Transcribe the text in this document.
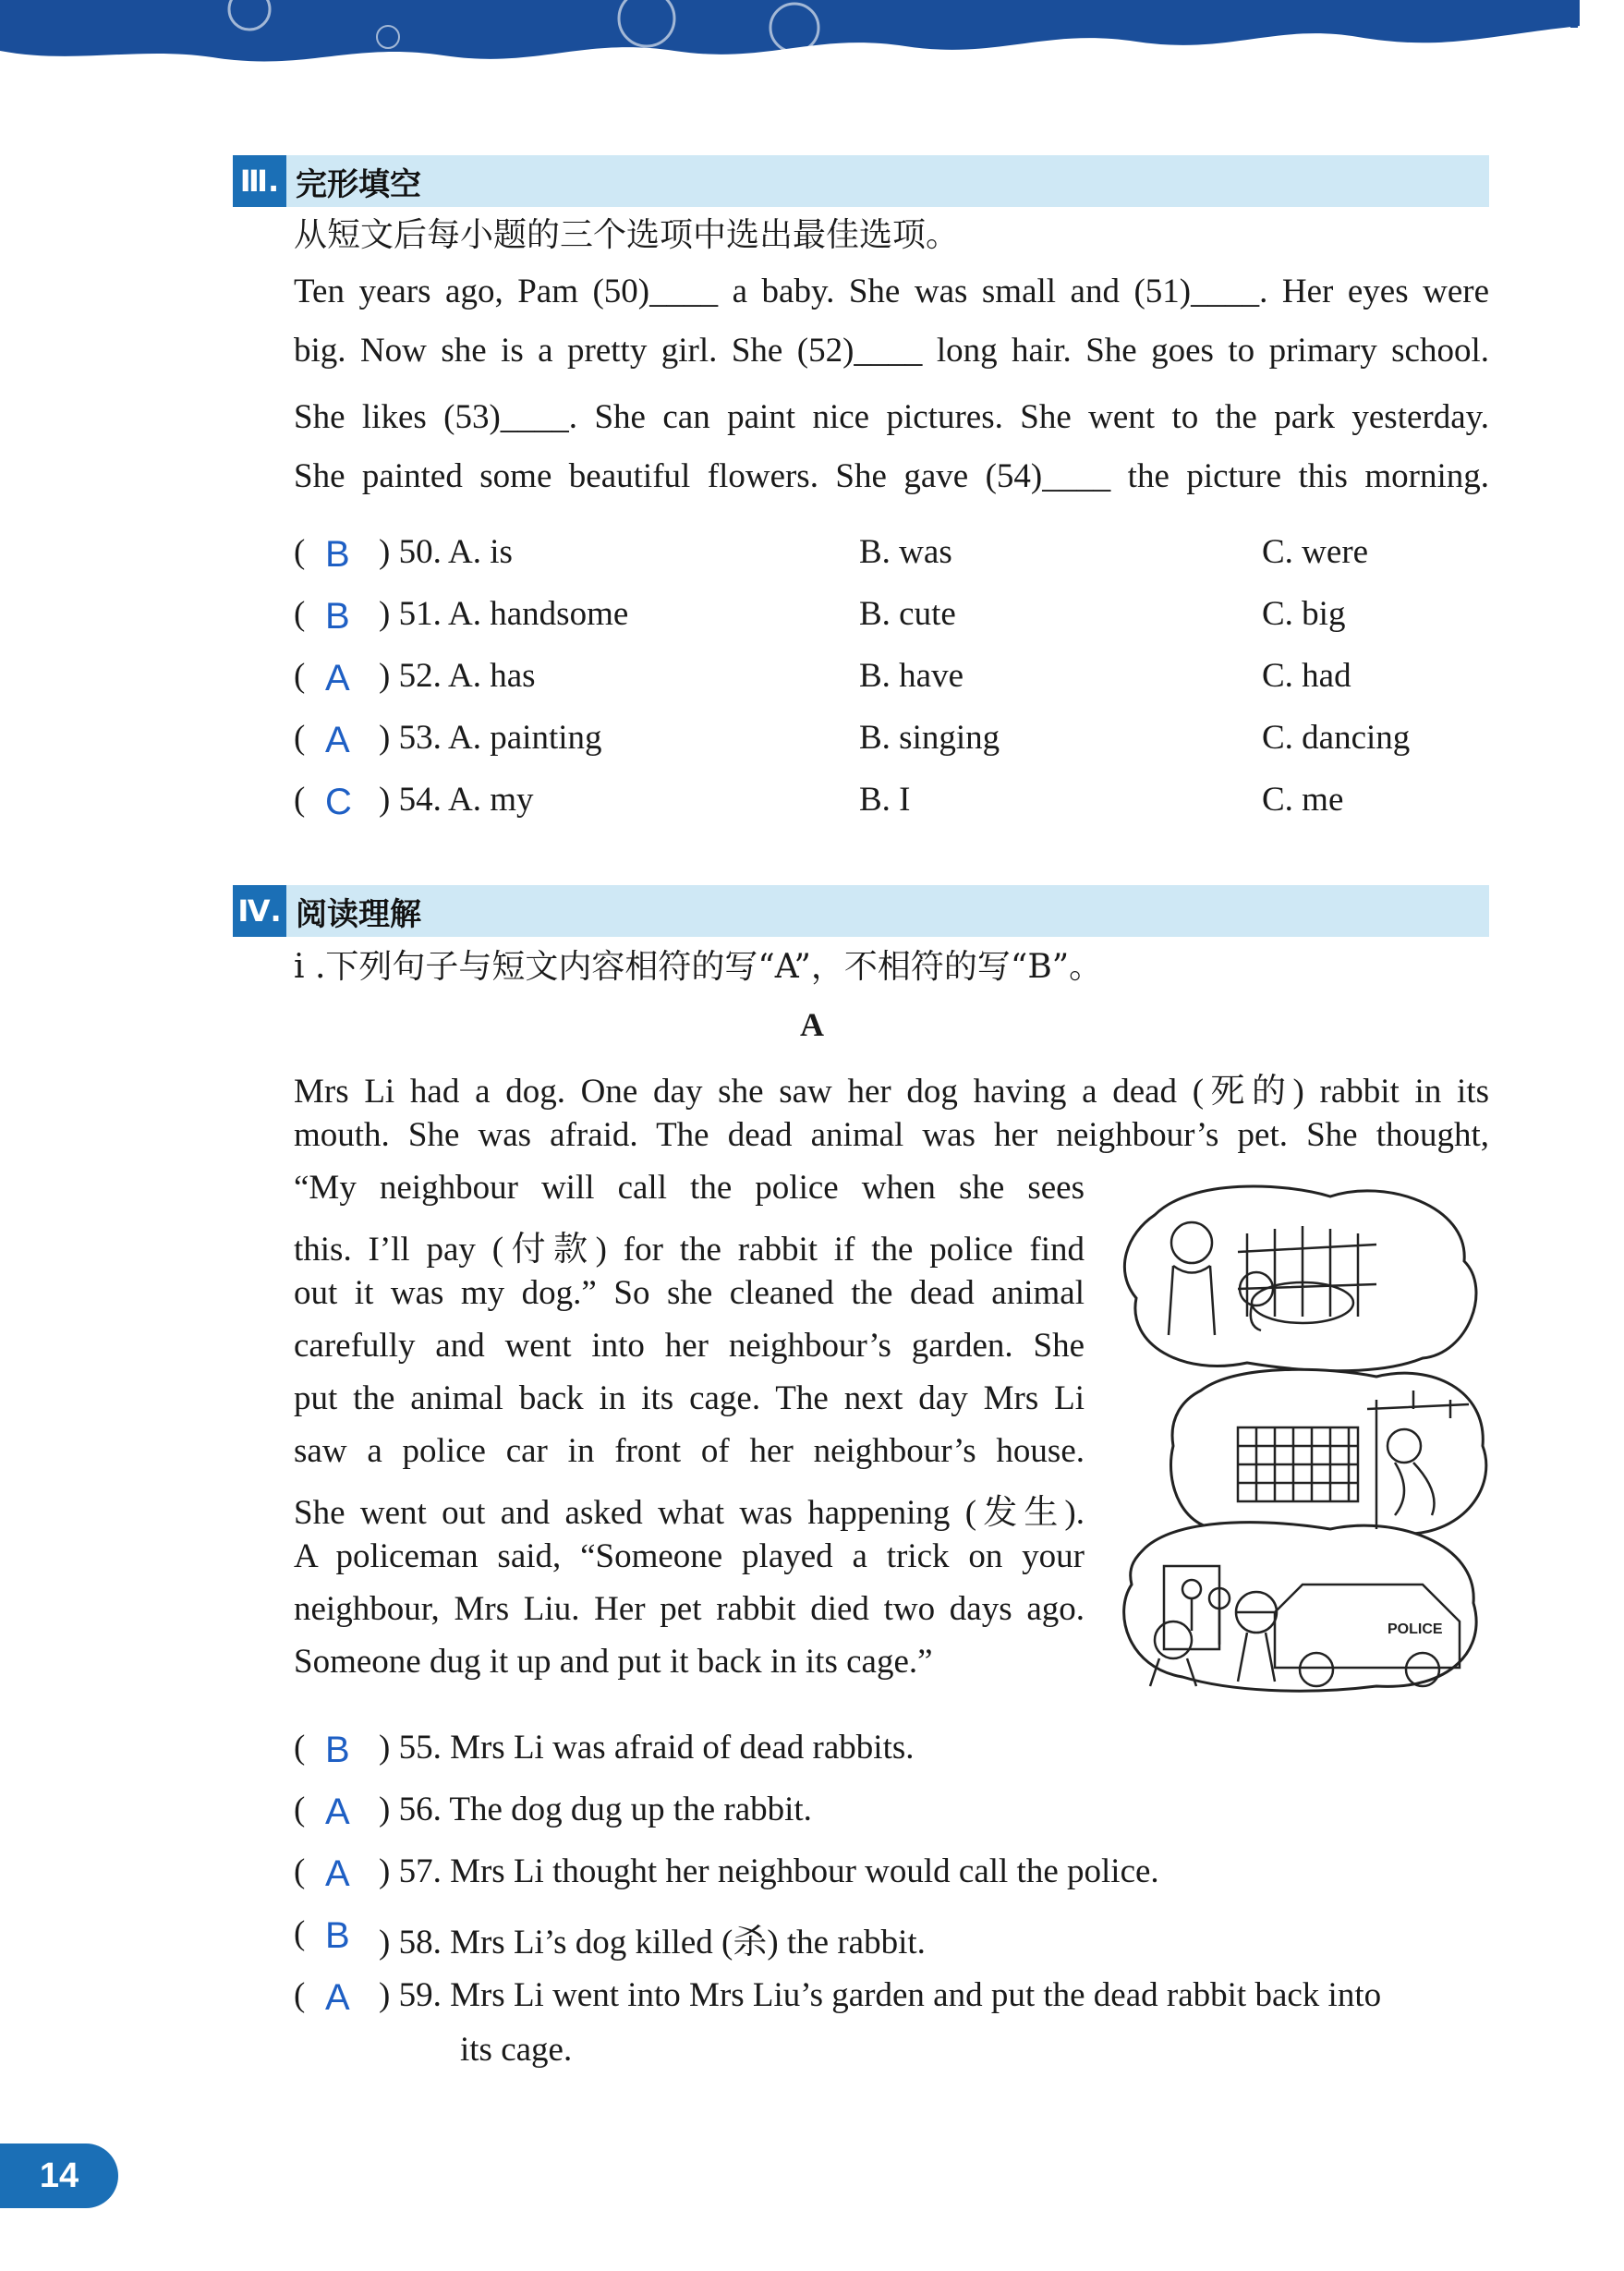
Ⅲ. 完形填空
从短文后每小题的三个选项中选出最佳选项。
Ten years ago, Pam (50)____ a baby. She was small and (51)____. Her eyes were
big. Now she is a pretty girl. She (52)____ long hair. She goes to primary school.
She likes (53)____. She can paint nice pictures. She went to the park yesterday.
She painted some beautiful flowers. She gave (54)____ the picture this morning.
( B ) 50. A. is	B. was	C. were
( B ) 51. A. handsome	B. cute	C. big
( A ) 52. A. has	B. have	C. had
( A ) 53. A. painting	B. singing	C. dancing
( C ) 54. A. my	B. I	C. me
Ⅳ. 阅读理解
i .下列句子与短文内容相符的写“A”，不相符的写“B”。
A
Mrs Li had a dog. One day she saw her dog having a dead (死的) rabbit in its
mouth. She was afraid. The dead animal was her neighbour’s pet. She thought,
“My neighbour will call the police when she sees
this. I’ll pay (付款) for the rabbit if the police find
out it was my dog.” So she cleaned the dead animal
carefully and went into her neighbour’s garden. She
put the animal back in its cage. The next day Mrs Li
saw a police car in front of her neighbour’s house.
She went out and asked what was happening (发生).
A policeman said, “Someone played a trick on your
neighbour, Mrs Liu. Her pet rabbit died two days ago.
Someone dug it up and put it back in its cage.”
POLICE
( B ) 55. Mrs Li was afraid of dead rabbits.
( A ) 56. The dog dug up the rabbit.
( A ) 57. Mrs Li thought her neighbour would call the police.
( B ) 58. Mrs Li’s dog killed (杀) the rabbit.
( A ) 59. Mrs Li went into Mrs Liu’s garden and put the dead rabbit back into
its cage.
14
